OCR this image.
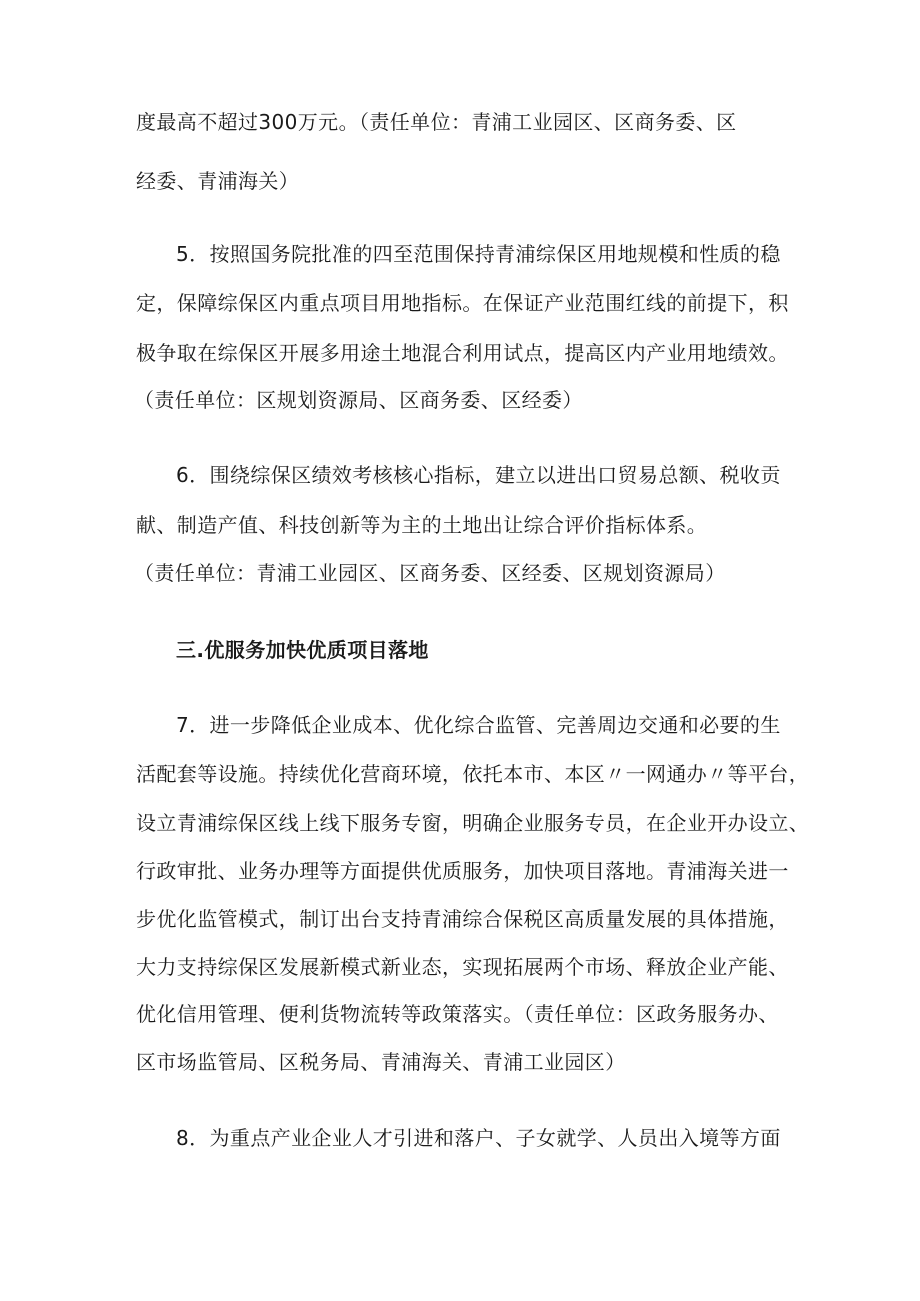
度最高不超过300万元。（责任单位：青浦工业园区、区商务委、区
经委、青浦海关）
5．按照国务院批准的四至范围保持青浦综保区用地规模和性质的稳
定，保障综保区内重点项目用地指标。在保证产业范围红线的前提下，积
极争取在综保区开展多用途土地混合利用试点，提高区内产业用地绩效。
（责任单位：区规划资源局、区商务委、区经委）
6．围绕综保区绩效考核核心指标，建立以进出口贸易总额、税收贡
献、制造产值、科技创新等为主的土地出让综合评价指标体系。
（责任单位：青浦工业园区、区商务委、区经委、区规划资源局）
三.优服务加快优质项目落地
7．进一步降低企业成本、优化综合监管、完善周边交通和必要的生
活配套等设施。持续优化营商环境，依托本市、本区〃一网通办〃等平台，
设立青浦综保区线上线下服务专窗，明确企业服务专员，在企业开办设立、
行政审批、业务办理等方面提供优质服务，加快项目落地。青浦海关进一
步优化监管模式，制订出台支持青浦综合保税区高质量发展的具体措施，
大力支持综保区发展新模式新业态，实现拓展两个市场、释放企业产能、
优化信用管理、便利货物流转等政策落实。（责任单位：区政务服务办、
区市场监管局、区税务局、青浦海关、青浦工业园区）
8．为重点产业企业人才引进和落户、子女就学、人员出入境等方面
